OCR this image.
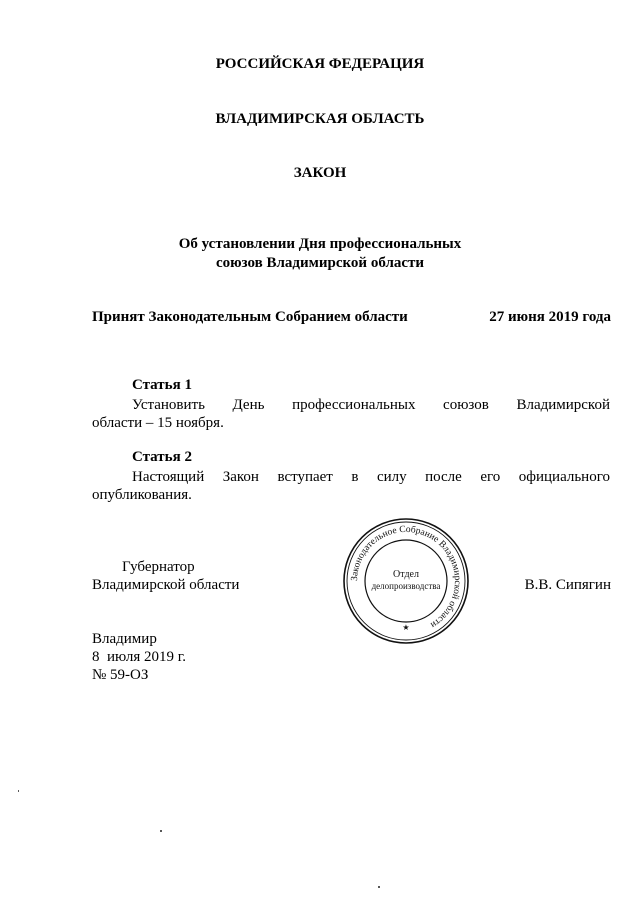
РОССИЙСКАЯ ФЕДЕРАЦИЯ
ВЛАДИМИРСКАЯ ОБЛАСТЬ
ЗАКОН
Об установлении Дня профессиональных
союзов Владимирской области
Принят Законодательным Собранием области	27 июня 2019 года
Статья 1
Установить День профессиональных союзов Владимирской
области – 15 ноября.
Статья 2
Настоящий Закон вступает в силу после его официального
опубликования.
Губернатор
Владимирской области	В.В. Сипягин
Законодательное Собрание Владимирской области
Отдел
делопроизводства
★
Владимир
8  июля 2019 г.
№ 59-ОЗ
